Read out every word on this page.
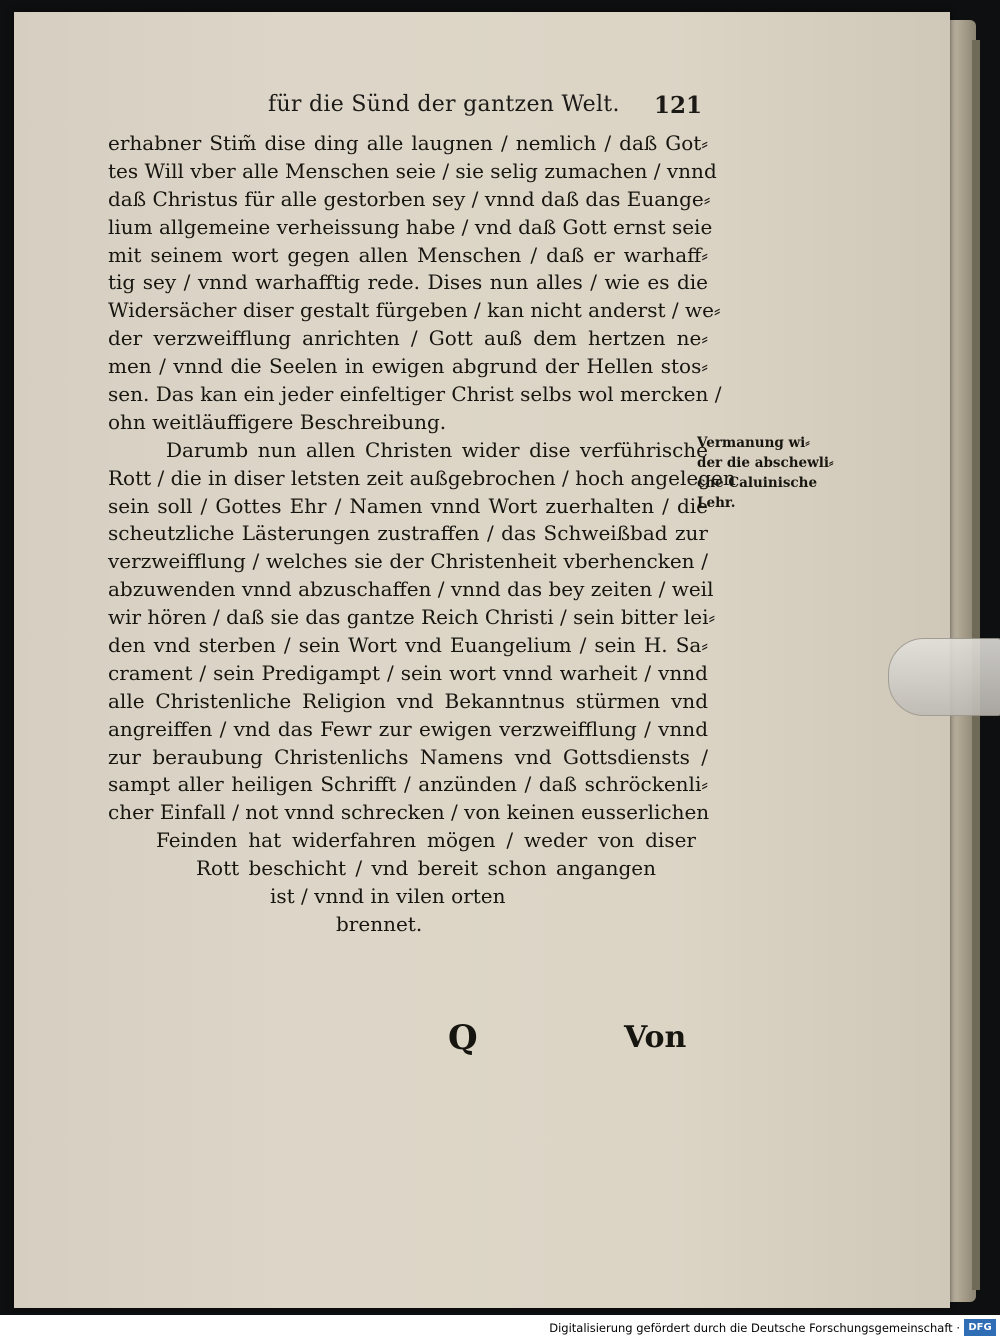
für die Sünd der gantzen Welt. 121
erhabner Stim̃ dise ding alle laugnen / nemlich / daß Got⸗
tes Will vber alle Menschen seie / sie selig zumachen / vnnd
daß Christus für alle gestorben sey / vnnd daß das Euange⸗
lium allgemeine verheissung habe / vnd daß Gott ernst seie
mit seinem wort gegen allen Menschen / daß er warhaff⸗
tig sey / vnnd warhafftig rede. Dises nun alles / wie es die
Widersächer diser gestalt fürgeben / kan nicht anderst / we⸗
der verzweifflung anrichten / Gott auß dem hertzen ne⸗
men / vnnd die Seelen in ewigen abgrund der Hellen stos⸗
sen. Das kan ein jeder einfeltiger Christ selbs wol mercken /
ohn weitläuffigere Beschreibung.
Darumb nun allen Christen wider dise verführische
Rott / die in diser letsten zeit außgebrochen / hoch angelegen
sein soll / Gottes Ehr / Namen vnnd Wort zuerhalten / die
scheutzliche Lästerungen zustraffen / das Schweißbad zur
verzweifflung / welches sie der Christenheit vberhencken /
abzuwenden vnnd abzuschaffen / vnnd das bey zeiten / weil
wir hören / daß sie das gantze Reich Christi / sein bitter lei⸗
den vnd sterben / sein Wort vnd Euangelium / sein H. Sa⸗
crament / sein Predigampt / sein wort vnnd warheit / vnnd
alle Christenliche Religion vnd Bekanntnus stürmen vnd
angreiffen / vnd das Fewr zur ewigen verzweifflung / vnnd
zur beraubung Christenlichs Namens vnd Gottsdiensts /
sampt aller heiligen Schrifft / anzünden / daß schröckenli⸗
cher Einfall / not vnnd schrecken / von keinen eusserlichen
Feinden hat widerfahren mögen / weder von diser
Rott beschicht / vnd bereit schon angangen
ist / vnnd in vilen orten
brennet.
Vermanung wi⸗
der die abschewli⸗
che Caluinische
Lehr.
Q	Von
Digitalisierung gefördert durch die Deutsche Forschungsgemeinschaft · DFG
